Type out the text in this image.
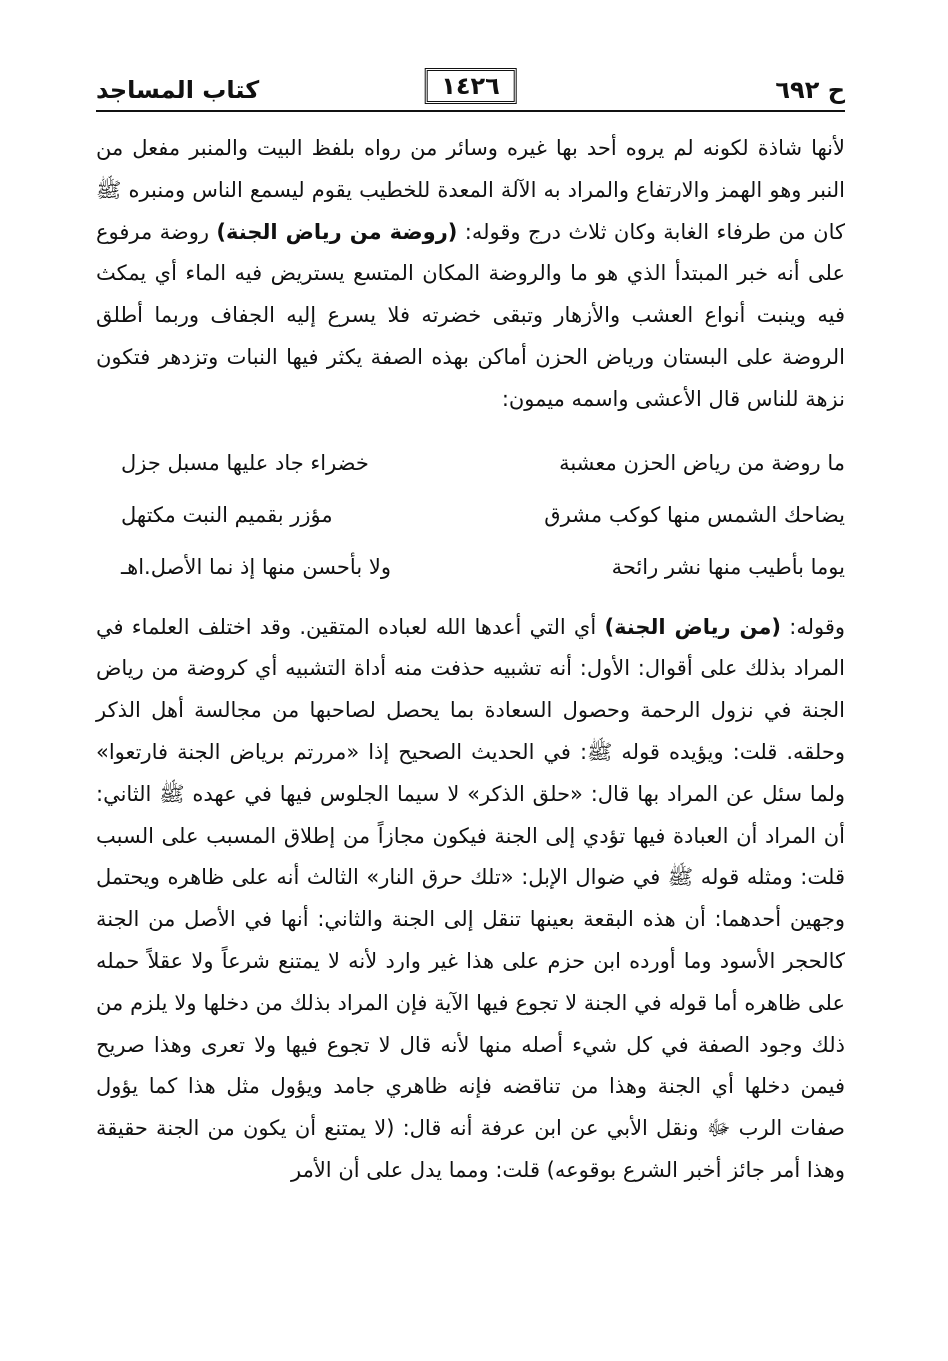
ح ٦٩٢
١٤٢٦
كتاب المساجد

لأنها شاذة لكونه لم يروه أحد بها غيره وسائر من رواه بلفظ البيت والمنبر مفعل من النبر وهو الهمز والارتفاع والمراد به الآلة المعدة للخطيب يقوم ليسمع الناس ومنبره ﷺ كان من طرفاء الغابة وكان ثلاث درج وقوله: (روضة من رياض الجنة) روضة مرفوع على أنه خبر المبتدأ الذي هو ما والروضة المكان المتسع يستريض فيه الماء أي يمكث فيه وينبت أنواع العشب والأزهار وتبقى خضرته فلا يسرع إليه الجفاف وربما أطلق الروضة على البستان ورياض الحزن أماكن بهذه الصفة يكثر فيها النبات وتزدهر فتكون نزهة للناس قال الأعشى واسمه ميمون:

ما روضة من رياض الحزن معشبة
خضراء جاد عليها مسبل جزل
يضاحك الشمس منها كوكب مشرق
مؤزر بقميم النبت مكتهل
يوما بأطيب منها نشر رائحة
ولا بأحسن منها إذ نما الأصل.اهـ

وقوله: (من رياض الجنة) أي التي أعدها الله لعباده المتقين. وقد اختلف العلماء في المراد بذلك على أقوال: الأول: أنه تشبيه حذفت منه أداة التشبيه أي كروضة من رياض الجنة في نزول الرحمة وحصول السعادة بما يحصل لصاحبها من مجالسة أهل الذكر وحلقه. قلت: ويؤيده قوله ﷺ: في الحديث الصحيح إذا «مررتم برياض الجنة فارتعوا» ولما سئل عن المراد بها قال: «حلق الذكر» لا سيما الجلوس فيها في عهده ﷺ الثاني: أن المراد أن العبادة فيها تؤدي إلى الجنة فيكون مجازاً من إطلاق المسبب على السبب قلت: ومثله قوله ﷺ في ضوال الإبل: «تلك حرق النار» الثالث أنه على ظاهره ويحتمل وجهين أحدهما: أن هذه البقعة بعينها تنقل إلى الجنة والثاني: أنها في الأصل من الجنة كالحجر الأسود وما أورده ابن حزم على هذا غير وارد لأنه لا يمتنع شرعاً ولا عقلاً حمله على ظاهره أما قوله في الجنة لا تجوع فيها الآية فإن المراد بذلك من دخلها ولا يلزم من ذلك وجود الصفة في كل شيء أصله منها لأنه قال لا تجوع فيها ولا تعرى وهذا صريح فيمن دخلها أي الجنة وهذا من تناقضه فإنه ظاهري جامد ويؤول مثل هذا كما يؤول صفات الرب ﷻ ونقل الأبي عن ابن عرفة أنه قال: (لا يمتنع أن يكون من الجنة حقيقة وهذا أمر جائز أخبر الشرع بوقوعه) قلت: ومما يدل على أن الأمر
